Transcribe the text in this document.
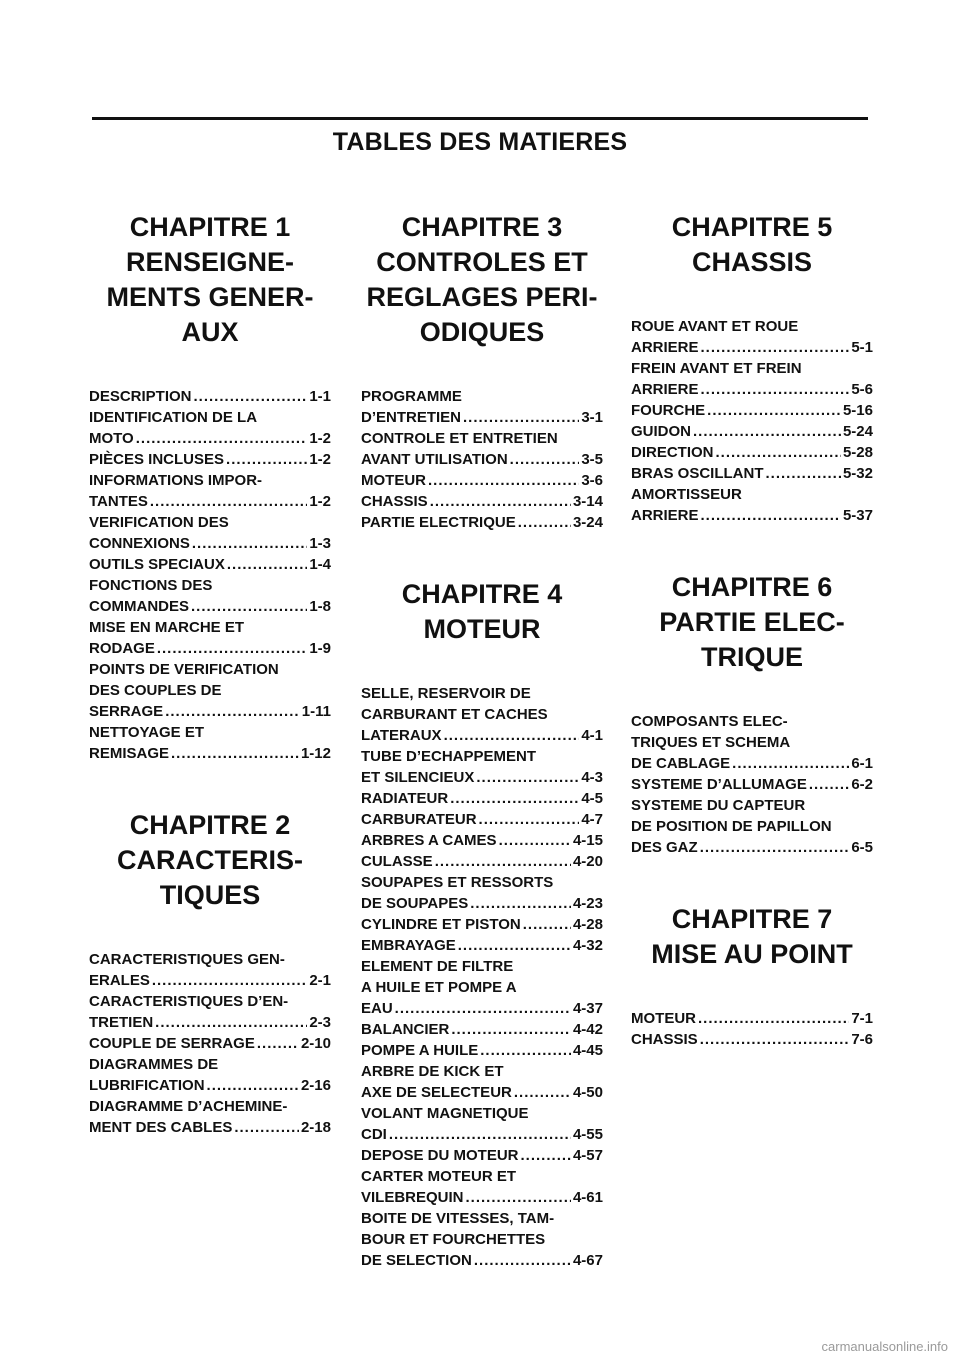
TABLES DES MATIERES
CHAPITRE 1
RENSEIGNE-
MENTS GENER-
AUX
DESCRIPTION .....	1-1
IDENTIFICATION DE LA
MOTO .....	1-2
PIÈCES INCLUSES .....	1-2
INFORMATIONS IMPOR-
TANTES .....	1-2
VERIFICATION DES
CONNEXIONS .....	1-3
OUTILS SPECIAUX .....	1-4
FONCTIONS DES
COMMANDES .....	1-8
MISE EN MARCHE ET
RODAGE .....	1-9
POINTS DE VERIFICATION
DES COUPLES DE
SERRAGE .....	1-11
NETTOYAGE ET
REMISAGE .....	1-12
CHAPITRE 2
CARACTERIS-
TIQUES
CARACTERISTIQUES GEN-
ERALES .....	2-1
CARACTERISTIQUES D’EN-
TRETIEN .....	2-3
COUPLE DE SERRAGE .....	2-10
DIAGRAMMES DE
LUBRIFICATION .....	2-16
DIAGRAMME D’ACHEMINE-
MENT DES CABLES .....	2-18
CHAPITRE 3
CONTROLES ET
REGLAGES PERI-
ODIQUES
PROGRAMME
D’ENTRETIEN .....	3-1
CONTROLE ET ENTRETIEN
AVANT UTILISATION .....	3-5
MOTEUR .....	3-6
CHASSIS .....	3-14
PARTIE ELECTRIQUE .....	3-24
CHAPITRE 4
MOTEUR
SELLE, RESERVOIR DE
CARBURANT ET CACHES
LATERAUX .....	4-1
TUBE D’ECHAPPEMENT
ET SILENCIEUX .....	4-3
RADIATEUR .....	4-5
CARBURATEUR .....	4-7
ARBRES A CAMES .....	4-15
CULASSE .....	4-20
SOUPAPES ET RESSORTS
DE SOUPAPES .....	4-23
CYLINDRE ET PISTON .....	4-28
EMBRAYAGE .....	4-32
ELEMENT DE FILTRE
A HUILE ET POMPE A
EAU .....	4-37
BALANCIER .....	4-42
POMPE A HUILE .....	4-45
ARBRE DE KICK ET
AXE DE SELECTEUR .....	4-50
VOLANT MAGNETIQUE
CDI .....	4-55
DEPOSE DU MOTEUR .....	4-57
CARTER MOTEUR ET
VILEBREQUIN .....	4-61
BOITE DE VITESSES, TAM-
BOUR ET FOURCHETTES
DE SELECTION .....	4-67
CHAPITRE 5
CHASSIS
ROUE AVANT ET ROUE
ARRIERE .....	5-1
FREIN AVANT ET FREIN
ARRIERE .....	5-6
FOURCHE .....	5-16
GUIDON .....	5-24
DIRECTION .....	5-28
BRAS OSCILLANT .....	5-32
AMORTISSEUR
ARRIERE .....	5-37
CHAPITRE 6
PARTIE ELEC-
TRIQUE
COMPOSANTS ELEC-
TRIQUES ET SCHEMA
DE CABLAGE .....	6-1
SYSTEME D’ALLUMAGE .....	6-2
SYSTEME DU CAPTEUR
DE POSITION DE PAPILLON
DES GAZ .....	6-5
CHAPITRE 7
MISE AU POINT
MOTEUR .....	7-1
CHASSIS .....	7-6
carmanualsonline.info
